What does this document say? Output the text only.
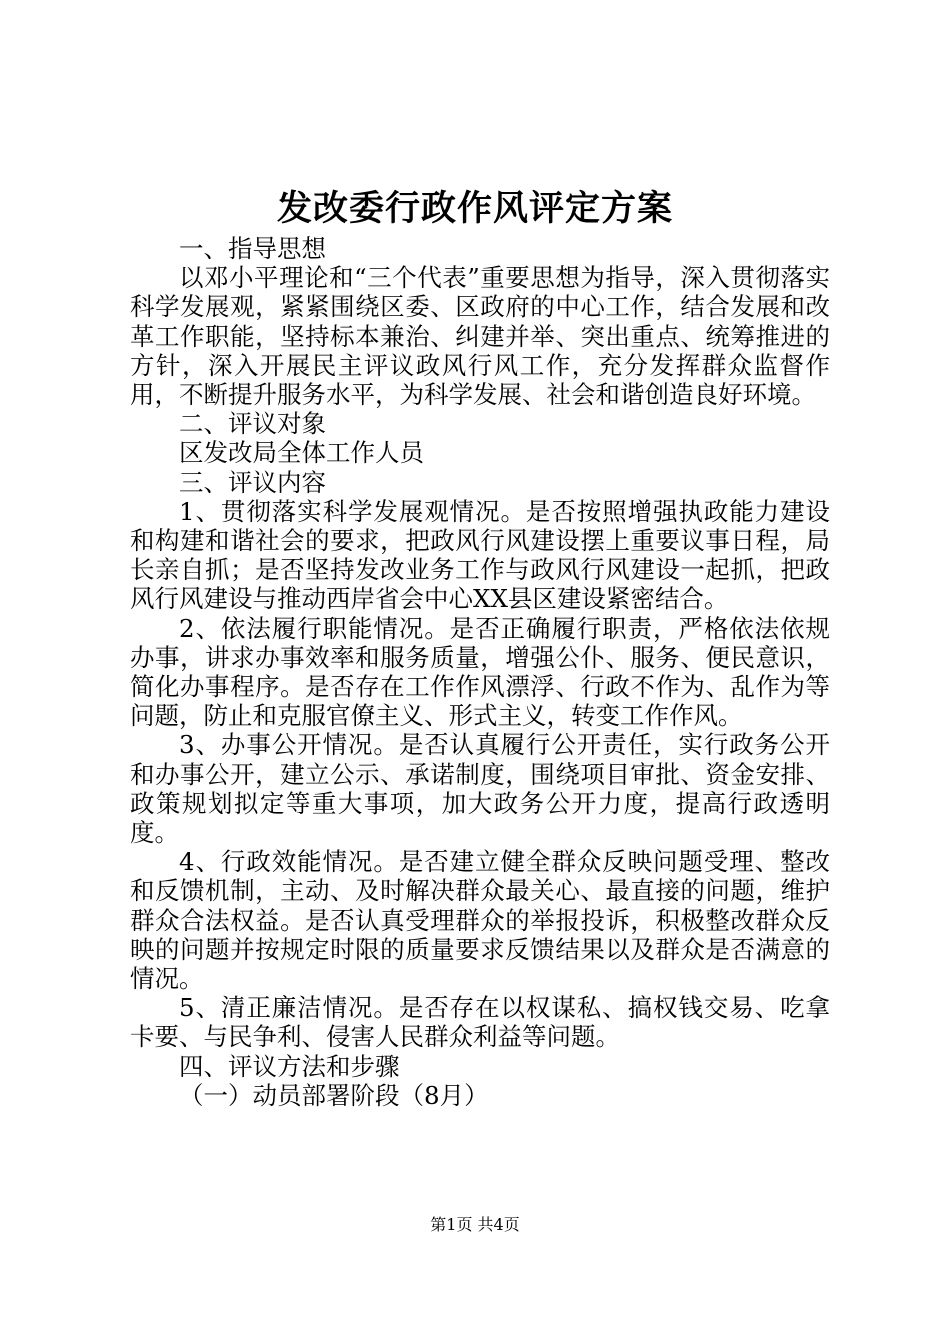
发改委行政作风评定方案

一、指导思想

以邓小平理论和“三个代表”重要思想为指导，深入贯彻落实科学发展观，紧紧围绕区委、区政府的中心工作，结合发展和改革工作职能，坚持标本兼治、纠建并举、突出重点、统筹推进的方针，深入开展民主评议政风行风工作，充分发挥群众监督作用，不断提升服务水平，为科学发展、社会和谐创造良好环境。

二、评议对象

区发改局全体工作人员

三、评议内容

1、贯彻落实科学发展观情况。是否按照增强执政能力建设和构建和谐社会的要求，把政风行风建设摆上重要议事日程，局长亲自抓；是否坚持发改业务工作与政风行风建设一起抓，把政风行风建设与推动西岸省会中心XX县区建设紧密结合。

2、依法履行职能情况。是否正确履行职责，严格依法依规办事，讲求办事效率和服务质量，增强公仆、服务、便民意识，简化办事程序。是否存在工作作风漂浮、行政不作为、乱作为等问题，防止和克服官僚主义、形式主义，转变工作作风。

3、办事公开情况。是否认真履行公开责任，实行政务公开和办事公开，建立公示、承诺制度，围绕项目审批、资金安排、政策规划拟定等重大事项，加大政务公开力度，提高行政透明度。

4、行政效能情况。是否建立健全群众反映问题受理、整改和反馈机制，主动、及时解决群众最关心、最直接的问题，维护群众合法权益。是否认真受理群众的举报投诉，积极整改群众反映的问题并按规定时限的质量要求反馈结果以及群众是否满意的情况。

5、清正廉洁情况。是否存在以权谋私、搞权钱交易、吃拿卡要、与民争利、侵害人民群众利益等问题。

四、评议方法和步骤

（一）动员部署阶段（8月）

第1页 共4页
